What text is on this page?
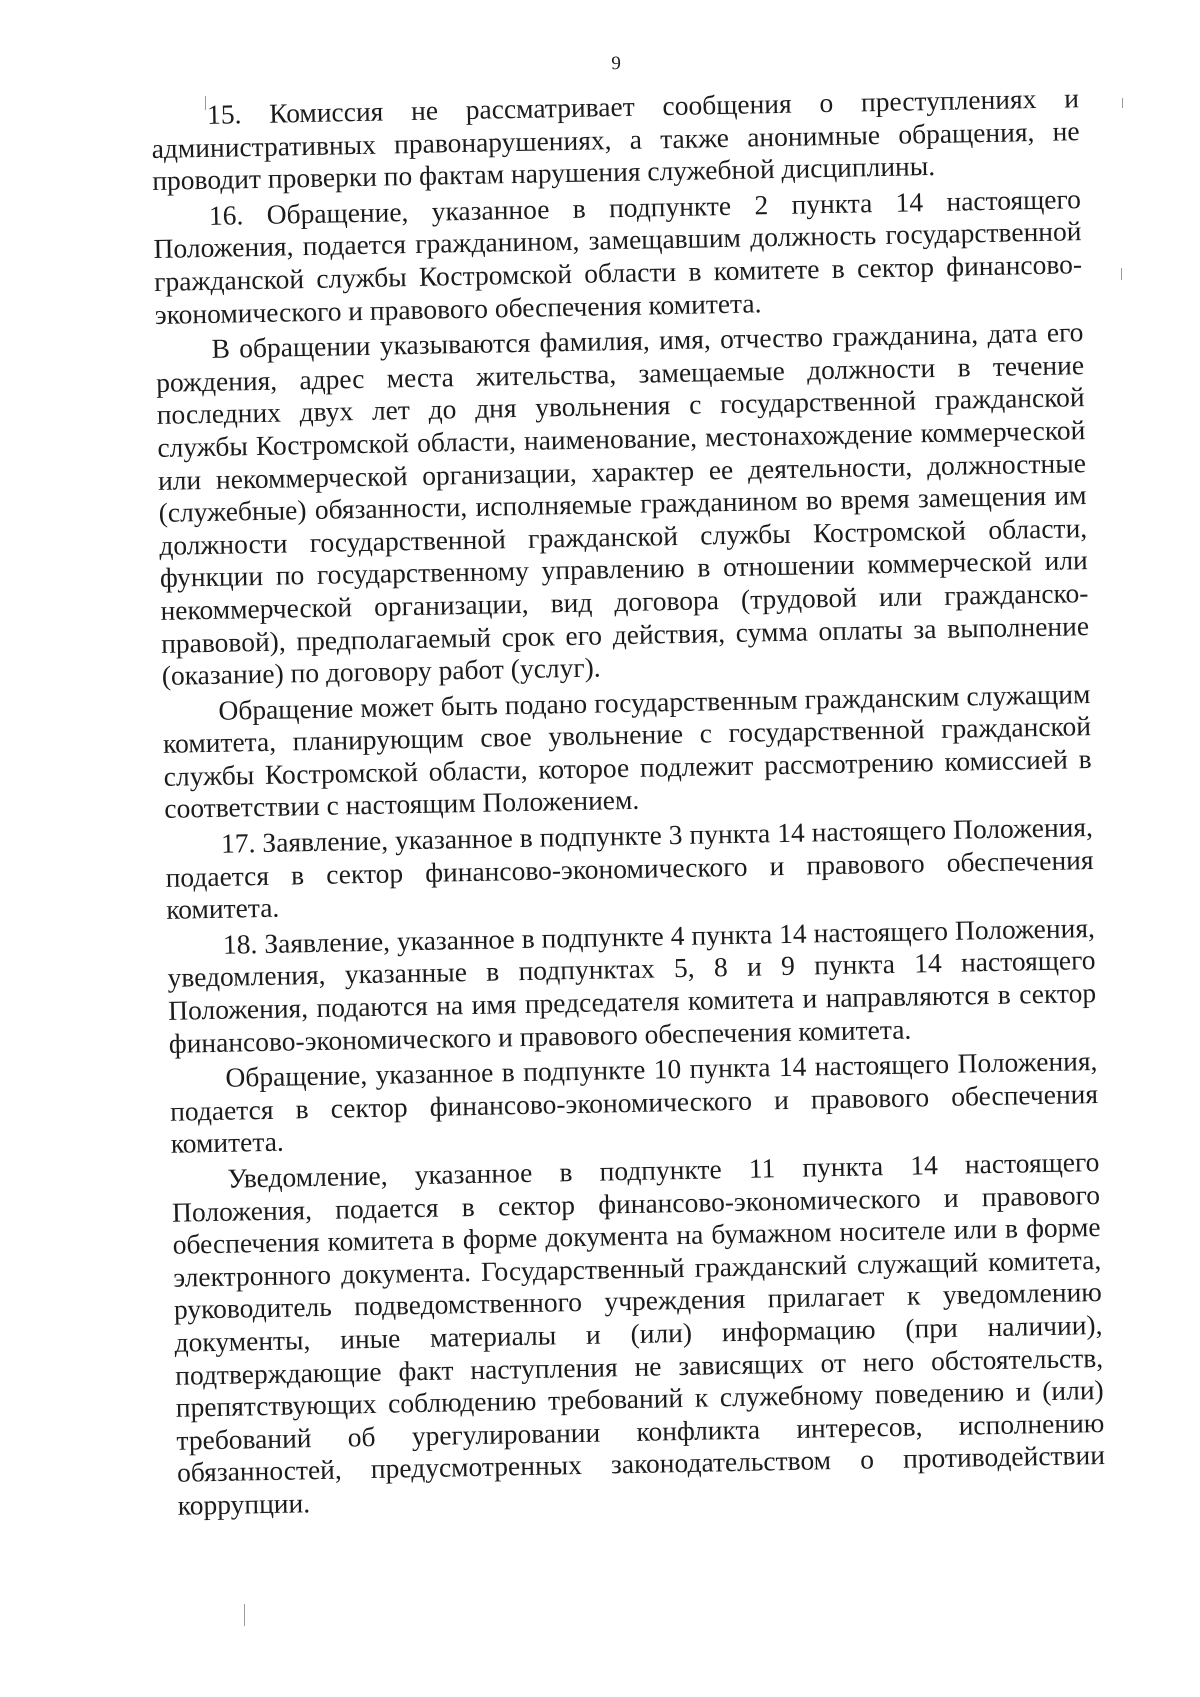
9

15. Комиссия не рассматривает сообщения о преступлениях и административных правонарушениях, а также анонимные обращения, не проводит проверки по фактам нарушения служебной дисциплины.

16. Обращение, указанное в подпункте 2 пункта 14 настоящего Положения, подается гражданином, замещавшим должность государственной гражданской службы Костромской области в комитете в сектор финансово-экономического и правового обеспечения комитета.

В обращении указываются фамилия, имя, отчество гражданина, дата его рождения, адрес места жительства, замещаемые должности в течение последних двух лет до дня увольнения с государственной гражданской службы Костромской области, наименование, местонахождение коммерческой или некоммерческой организации, характер ее деятельности, должностные (служебные) обязанности, исполняемые гражданином во время замещения им должности государственной гражданской службы Костромской области, функции по государственному управлению в отношении коммерческой или некоммерческой организации, вид договора (трудовой или гражданско-правовой), предполагаемый срок его действия, сумма оплаты за выполнение (оказание) по договору работ (услуг).

Обращение может быть подано государственным гражданским служащим комитета, планирующим свое увольнение с государственной гражданской службы Костромской области, которое подлежит рассмотрению комиссией в соответствии с настоящим Положением.

17. Заявление, указанное в подпункте 3 пункта 14 настоящего Положения, подается в сектор финансово-экономического и правового обеспечения комитета.

18. Заявление, указанное в подпункте 4 пункта 14 настоящего Положения, уведомления, указанные в подпунктах 5, 8 и 9 пункта 14 настоящего Положения, подаются на имя председателя комитета и направляются в сектор финансово-экономического и правового обеспечения комитета.

Обращение, указанное в подпункте 10 пункта 14 настоящего Положения, подается в сектор финансово-экономического и правового обеспечения комитета.

Уведомление, указанное в подпункте 11 пункта 14 настоящего Положения, подается в сектор финансово-экономического и правового обеспечения комитета в форме документа на бумажном носителе или в форме электронного документа. Государственный гражданский служащий комитета, руководитель подведомственного учреждения прилагает к уведомлению документы, иные материалы и (или) информацию (при наличии), подтверждающие факт наступления не зависящих от него обстоятельств, препятствующих соблюдению требований к служебному поведению и (или) требований об урегулировании конфликта интересов, исполнению обязанностей, предусмотренных законодательством о противодействии коррупции.
